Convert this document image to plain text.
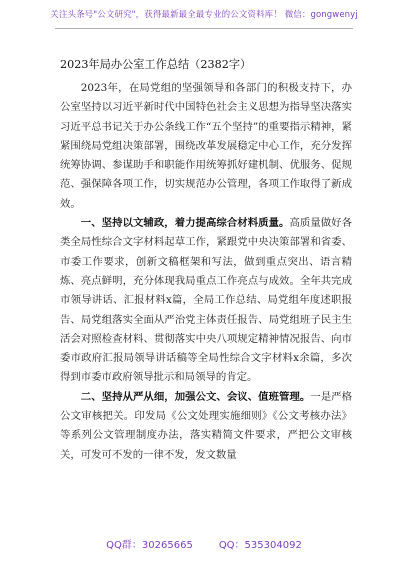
关注头条号"公文研究"，获得最新最全最专业的公文资料库！ 微信：gongwenyj
2023年局办公室工作总结（2382字）

2023年，在局党组的坚强领导和各部门的积极支持下，办公室坚持以习近平新时代中国特色社会主义思想为指导坚决落实习近平总书记关于办公条线工作“五个坚持”的重要指示精神，紧紧围绕局党组决策部署，围绕改革发展稳定中心工作，充分发挥统筹协调、参谋助手和职能作用统筹抓好建机制、优服务、促规范、强保障各项工作，切实规范办公管理，各项工作取得了新成效。

一、坚持以文辅政，着力提高综合材料质量。高质量做好各类全局性综合文字材料起草工作，紧跟党中央决策部署和省委、市委工作要求，创新文稿框架和写法，做到重点突出、语言精炼、亮点鲜明，充分体现我局重点工作亮点与成效。全年共完成市领导讲话、汇报材料x篇，全局工作总结、局党组年度述职报告、局党组落实全面从严治党主体责任报告、局党组班子民主生活会对照检查材料、贯彻落实中央八项规定精神情况报告、向市委市政府汇报局领导讲话稿等全局性综合文字材料x余篇，多次得到市委市政府领导批示和局领导的肯定。

二、坚持从严从细，加强公文、会议、值班管理。一是严格公文审核把关。印发局《公文处理实施细则》《公文考核办法》等系列公文管理制度办法，落实精简文件要求，严把公文审核关，可发可不发的一律不发，发文数量

QQ群：30265665	QQ：535304092
